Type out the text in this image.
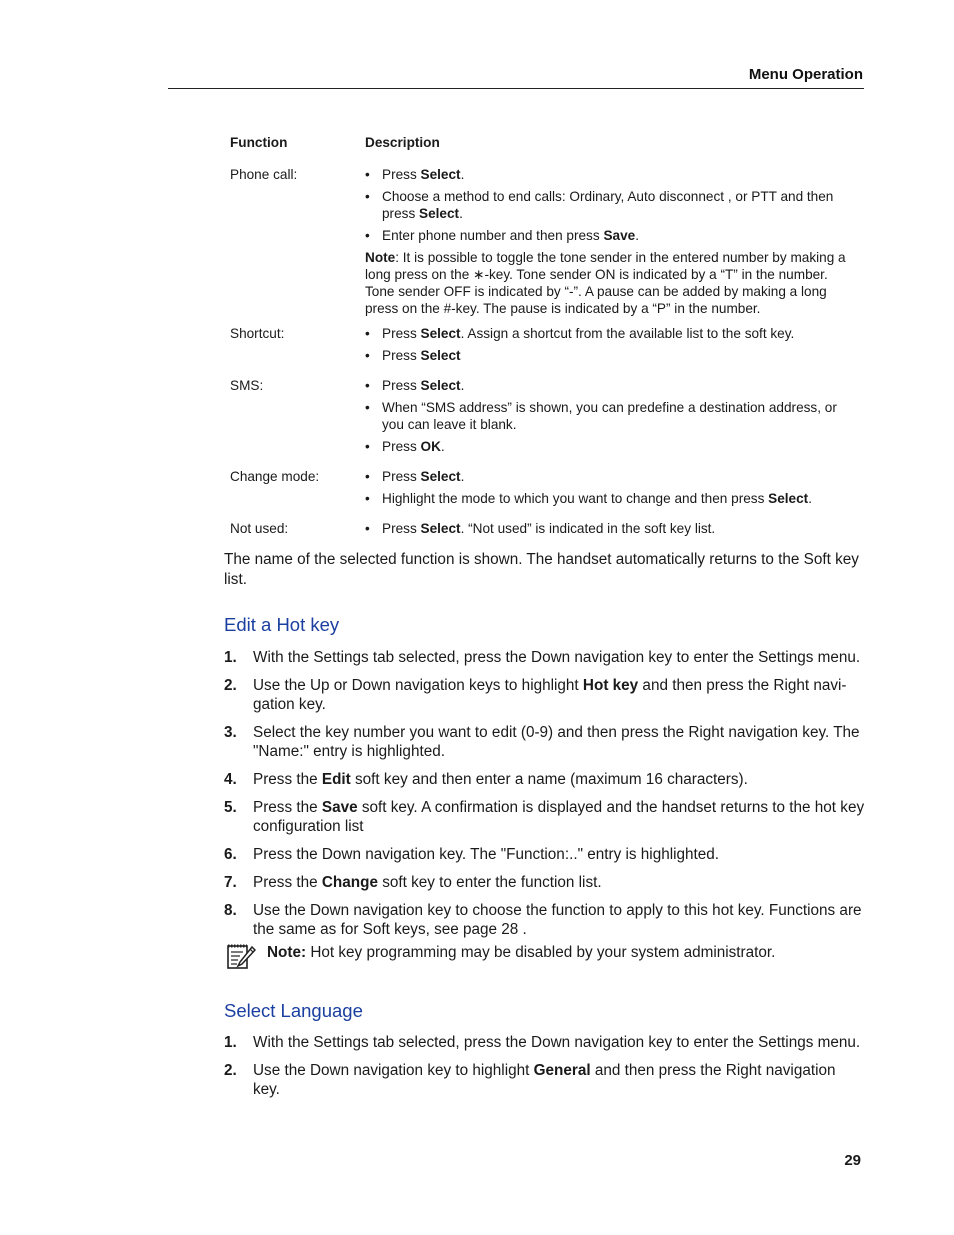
Menu Operation
Function	Description
Phone call:	• Press Select.
• Choose a method to end calls: Ordinary, Auto disconnect , or PTT and then press Select.
• Enter phone number and then press Save.
Note: It is possible to toggle the tone sender in the entered number by making a long press on the ∗-key. Tone sender ON is indicated by a “T” in the number. Tone sender OFF is indicated by “-”. A pause can be added by making a long press on the #-key. The pause is indicated by a “P” in the number.
Shortcut:	• Press Select. Assign a shortcut from the available list to the soft key.
• Press Select
SMS:	• Press Select.
• When “SMS address” is shown, you can predefine a destination address, or you can leave it blank.
• Press OK.
Change mode:	• Press Select.
• Highlight the mode to which you want to change and then press Select.
Not used:	• Press Select. “Not used” is indicated in the soft key list.
The name of the selected function is shown. The handset automatically returns to the Soft key list.
Edit a Hot key
1.	With the Settings tab selected, press the Down navigation key to enter the Settings menu.
2.	Use the Up or Down navigation keys to highlight Hot key and then press the Right navi-gation key.
3.	Select the key number you want to edit (0-9) and then press the Right navigation key. The "Name:" entry is highlighted.
4.	Press the Edit soft key and then enter a name (maximum 16 characters).
5.	Press the Save soft key. A confirmation is displayed and the handset returns to the hot key configuration list
6.	Press the Down navigation key. The "Function:.." entry is highlighted.
7.	Press the Change soft key to enter the function list.
8.	Use the Down navigation key to choose the function to apply to this hot key. Functions are the same as for Soft keys, see page 28 .
Note: Hot key programming may be disabled by your system administrator.
Select Language
1.	With the Settings tab selected, press the Down navigation key to enter the Settings menu.
2.	Use the Down navigation key to highlight General and then press the Right navigation key.
29
